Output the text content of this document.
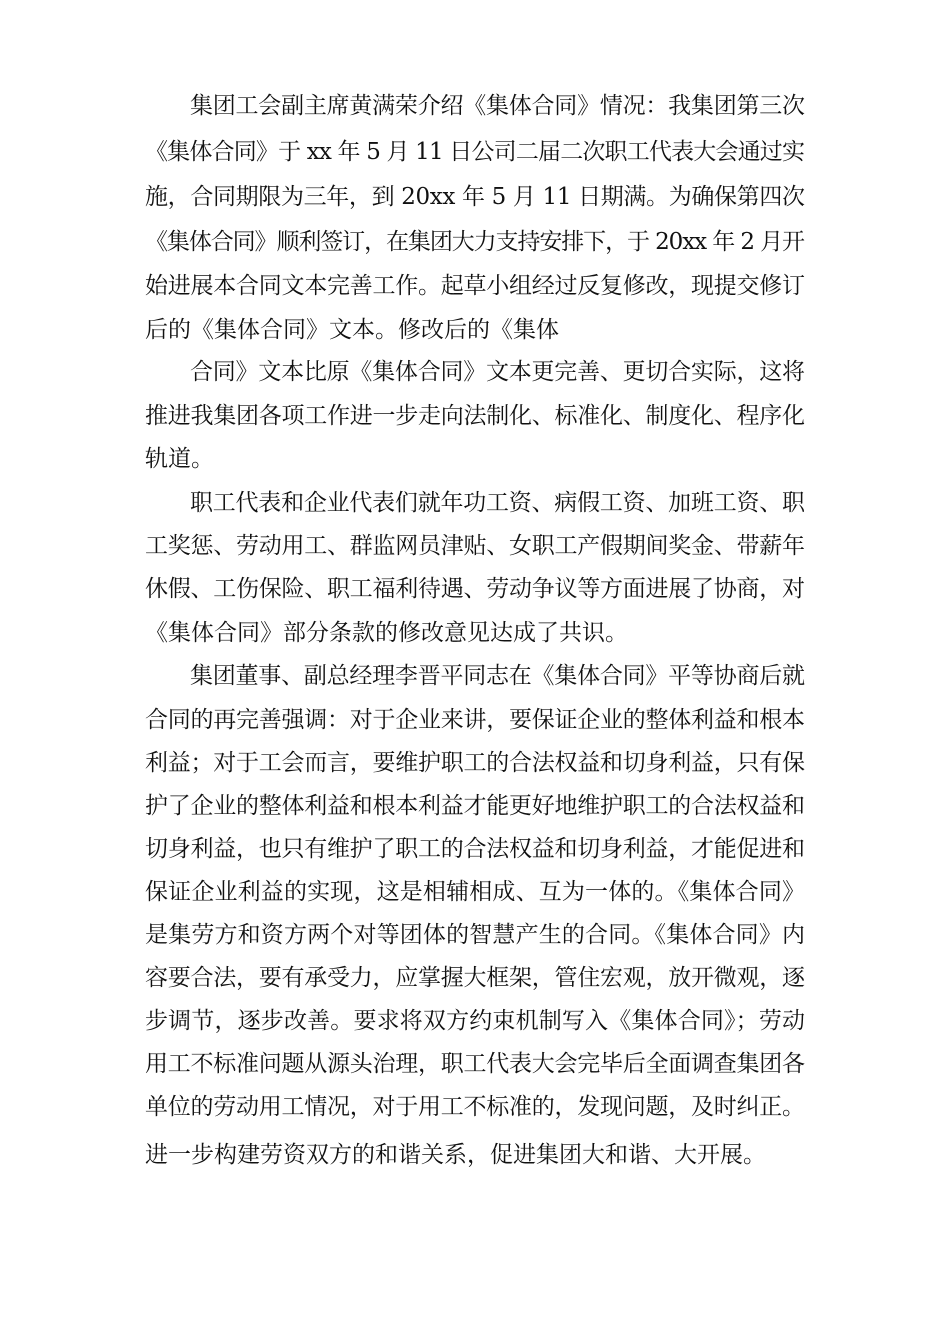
集团工会副主席黄满荣介绍《集体合同》情况：我集团第三次
《集体合同》于 xx 年 5 月 11 日公司二届二次职工代表大会通过实
施，合同期限为三年，到 20xx 年 5 月 11 日期满。为确保第四次
《集体合同》顺利签订，在集团大力支持安排下，于 20xx 年 2 月开
始进展本合同文本完善工作。起草小组经过反复修改，现提交修订
后的《集体合同》文本。修改后的《集体
合同》文本比原《集体合同》文本更完善、更切合实际，这将
推进我集团各项工作进一步走向法制化、标准化、制度化、程序化
轨道。
职工代表和企业代表们就年功工资、病假工资、加班工资、职
工奖惩、劳动用工、群监网员津贴、女职工产假期间奖金、带薪年
休假、工伤保险、职工福利待遇、劳动争议等方面进展了协商，对
《集体合同》部分条款的修改意见达成了共识。
集团董事、副总经理李晋平同志在《集体合同》平等协商后就
合同的再完善强调：对于企业来讲，要保证企业的整体利益和根本
利益；对于工会而言，要维护职工的合法权益和切身利益，只有保
护了企业的整体利益和根本利益才能更好地维护职工的合法权益和
切身利益，也只有维护了职工的合法权益和切身利益，才能促进和
保证企业利益的实现，这是相辅相成、互为一体的。《集体合同》
是集劳方和资方两个对等团体的智慧产生的合同。《集体合同》内
容要合法，要有承受力，应掌握大框架，管住宏观，放开微观，逐
步调节，逐步改善。要求将双方约束机制写入《集体合同》；劳动
用工不标准问题从源头治理，职工代表大会完毕后全面调查集团各
单位的劳动用工情况，对于用工不标准的，发现问题，及时纠正。
进一步构建劳资双方的和谐关系，促进集团大和谐、大开展。
